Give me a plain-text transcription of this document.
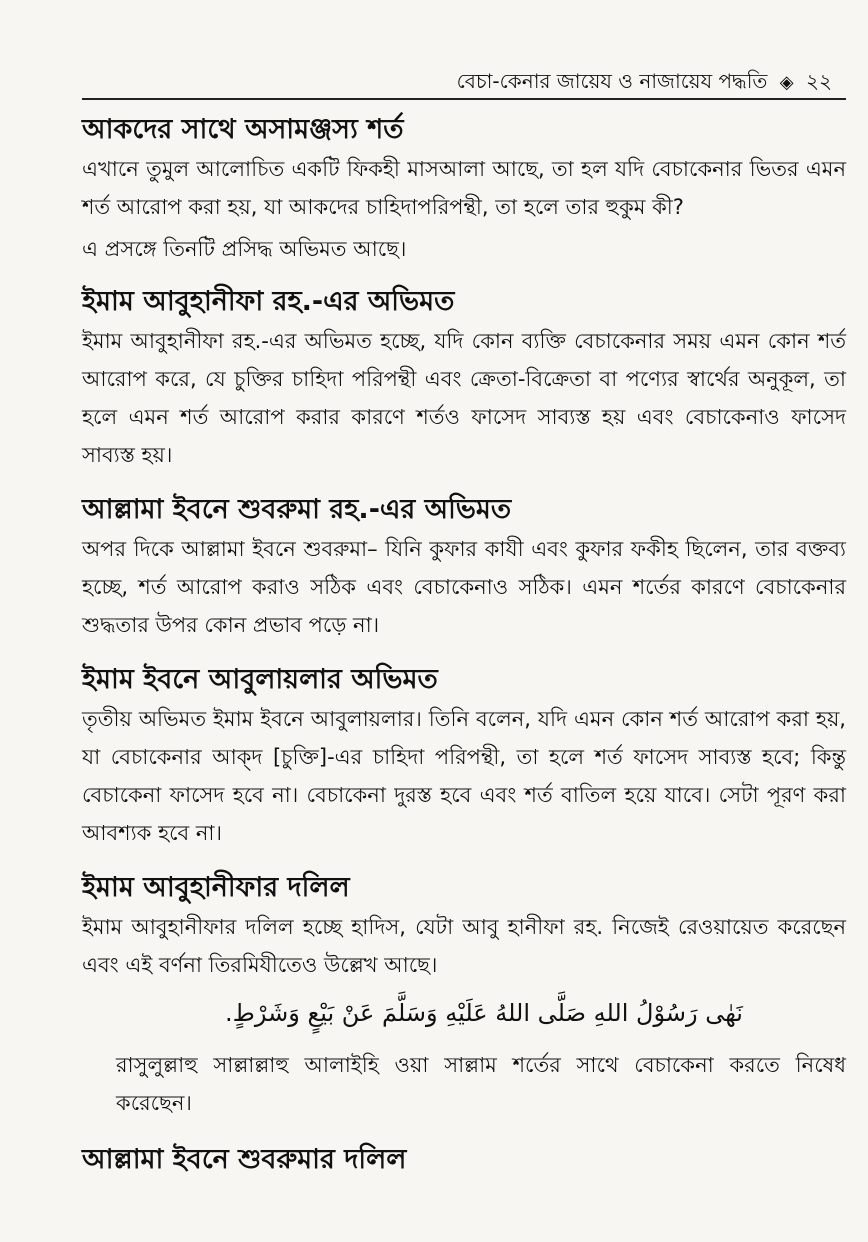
বেচা-কেনার জায়েয ও নাজায়েয পদ্ধতি ◈ ২২
আকদের সাথে অসামঞ্জস্য শর্ত

এখানে তুমুল আলোচিত একটি ফিকহী মাসআলা আছে, তা হল যদি বেচাকেনার ভিতর এমন শর্ত আরোপ করা হয়, যা আকদের চাহিদাপরিপন্থী, তা হলে তার হুকুম কী?

এ প্রসঙ্গে তিনটি প্রসিদ্ধ অভিমত আছে।

ইমাম আবুহানীফা রহ.-এর অভিমত

ইমাম আবুহানীফা রহ.-এর অভিমত হচ্ছে, যদি কোন ব্যক্তি বেচাকেনার সময় এমন কোন শর্ত আরোপ করে, যে চুক্তির চাহিদা পরিপন্থী এবং ক্রেতা-বিক্রেতা বা পণ্যের স্বার্থের অনুকূল, তা হলে এমন শর্ত আরোপ করার কারণে শর্তও ফাসেদ সাব্যস্ত হয় এবং বেচাকেনাও ফাসেদ সাব্যস্ত হয়।

আল্লামা ইবনে শুবরুমা রহ.-এর অভিমত

অপর দিকে আল্লামা ইবনে শুবরুমা– যিনি কুফার কাযী এবং কুফার ফকীহ ছিলেন, তার বক্তব্য হচ্ছে, শর্ত আরোপ করাও সঠিক এবং বেচাকেনাও সঠিক। এমন শর্তের কারণে বেচাকেনার শুদ্ধতার উপর কোন প্রভাব পড়ে না।

ইমাম ইবনে আবুলায়লার অভিমত

তৃতীয় অভিমত ইমাম ইবনে আবুলায়লার। তিনি বলেন, যদি এমন কোন শর্ত আরোপ করা হয়, যা বেচাকেনার আক্দ [চুক্তি]-এর চাহিদা পরিপন্থী, তা হলে শর্ত ফাসেদ সাব্যস্ত হবে; কিন্তু বেচাকেনা ফাসেদ হবে না। বেচাকেনা দুরস্ত হবে এবং শর্ত বাতিল হয়ে যাবে। সেটা পূরণ করা আবশ্যক হবে না।

ইমাম আবুহানীফার দলিল

ইমাম আবুহানীফার দলিল হচ্ছে হাদিস, যেটা আবু হানীফা রহ. নিজেই রেওয়ায়েত করেছেন এবং এই বর্ণনা তিরমিযীতেও উল্লেখ আছে।

نَهٰى رَسُوْلُ اللهِ صَلَّى اللهُ عَلَيْهِ وَسَلَّمَ عَنْ بَيْعٍ وَشَرْطٍ.

রাসুলুল্লাহু সাল্লাল্লাহু আলাইহি ওয়া সাল্লাম শর্তের সাথে বেচাকেনা করতে নিষেধ করেছেন।

আল্লামা ইবনে শুবরুমার দলিল
